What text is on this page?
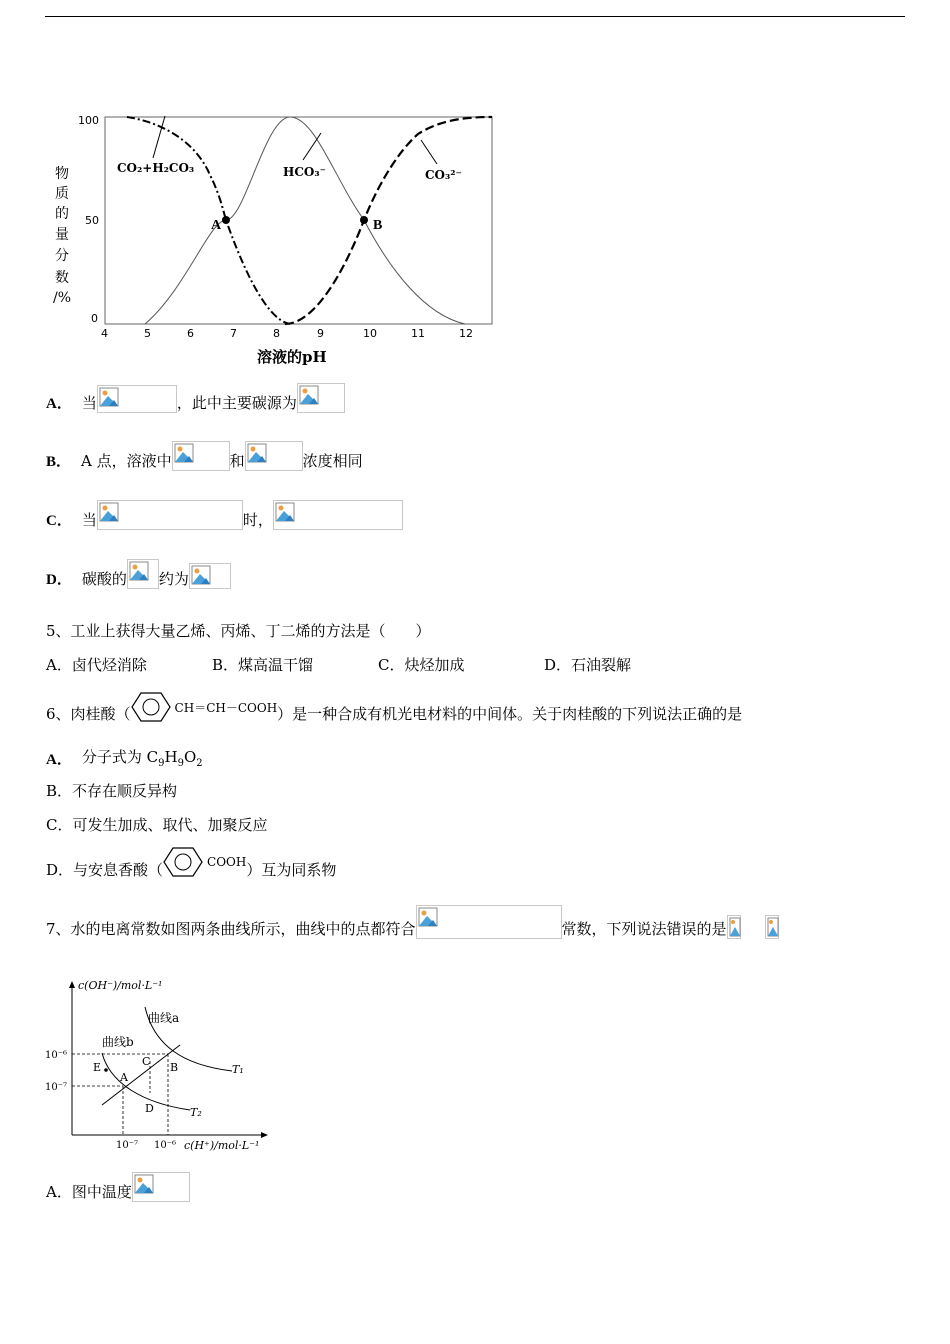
A	B
100
50
0
4	5	6	7	8	9	10	11	12
物
质
的
量
分
数
/%
溶液的pH
CO₂+H₂CO₃	HCO₃⁻	CO₃²⁻
A． 当	，此中主要碳源为
B． A 点，溶液中	和	浓度相同
C． 当	时，
D． 碳酸的 约为
5、工业上获得大量乙烯、丙烯、丁二烯的方法是（　　）
A．卤代烃消除	B．煤高温干馏	C．炔烃加成	D．石油裂解
6、肉桂酸（	CH＝CH－COOH ）是一种合成有机光电材料的中间体。关于肉桂酸的下列说法正确的是
A． 分子式为 $C_9H_9O_2$
B．不存在顺反异构
C．可发生加成、取代、加聚反应
D．与安息香酸（	COOH ）互为同系物
7、水的电离常数如图两条曲线所示，曲线中的点都符合	常数，下列说法错误的是
c(OH⁻)/mol·L⁻¹
c(H⁺)/mol·L⁻¹
10⁻⁶
10⁻⁷
10⁻⁷ 10⁻⁶
曲线a
曲线b
T₁
T₂
E
A
C B
D
A．图中温度
